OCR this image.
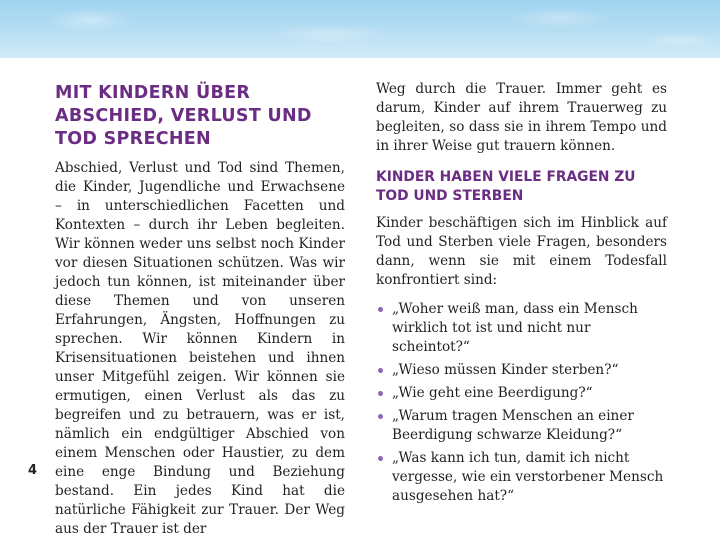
MIT KINDERN ÜBER ABSCHIED, VERLUST UND TOD SPRECHEN

Abschied, Verlust und Tod sind Themen, die Kinder, Jugendliche und Erwachsene – in unterschiedlichen Facetten und Kontexten – durch ihr Leben begleiten. Wir können weder uns selbst noch Kinder vor diesen Situationen schützen. Was wir jedoch tun können, ist miteinander über diese Themen und von unseren Erfahrungen, Ängsten, Hoffnungen zu sprechen. Wir können Kindern in Krisensituationen beistehen und ihnen unser Mitgefühl zeigen. Wir können sie ermutigen, einen Verlust als das zu begreifen und zu betrauern, was er ist, nämlich ein endgültiger Abschied von einem Menschen oder Haustier, zu dem eine enge Bindung und Beziehung bestand. Ein jedes Kind hat die natürliche Fähigkeit zur Trauer. Der Weg aus der Trauer ist der

Weg durch die Trauer. Immer geht es darum, Kinder auf ihrem Trauerweg zu begleiten, so dass sie in ihrem Tempo und in ihrer Weise gut trauern können.

KINDER HABEN VIELE FRAGEN ZU TOD UND STERBEN

Kinder beschäftigen sich im Hinblick auf Tod und Sterben viele Fragen, besonders dann, wenn sie mit einem Todesfall konfrontiert sind:

„Woher weiß man, dass ein Mensch wirklich tot ist und nicht nur scheintot?“
„Wieso müssen Kinder sterben?“
„Wie geht eine Beerdigung?“
„Warum tragen Menschen an einer Beerdigung schwarze Kleidung?“
„Was kann ich tun, damit ich nicht vergesse, wie ein verstorbener Mensch ausgesehen hat?“
4
